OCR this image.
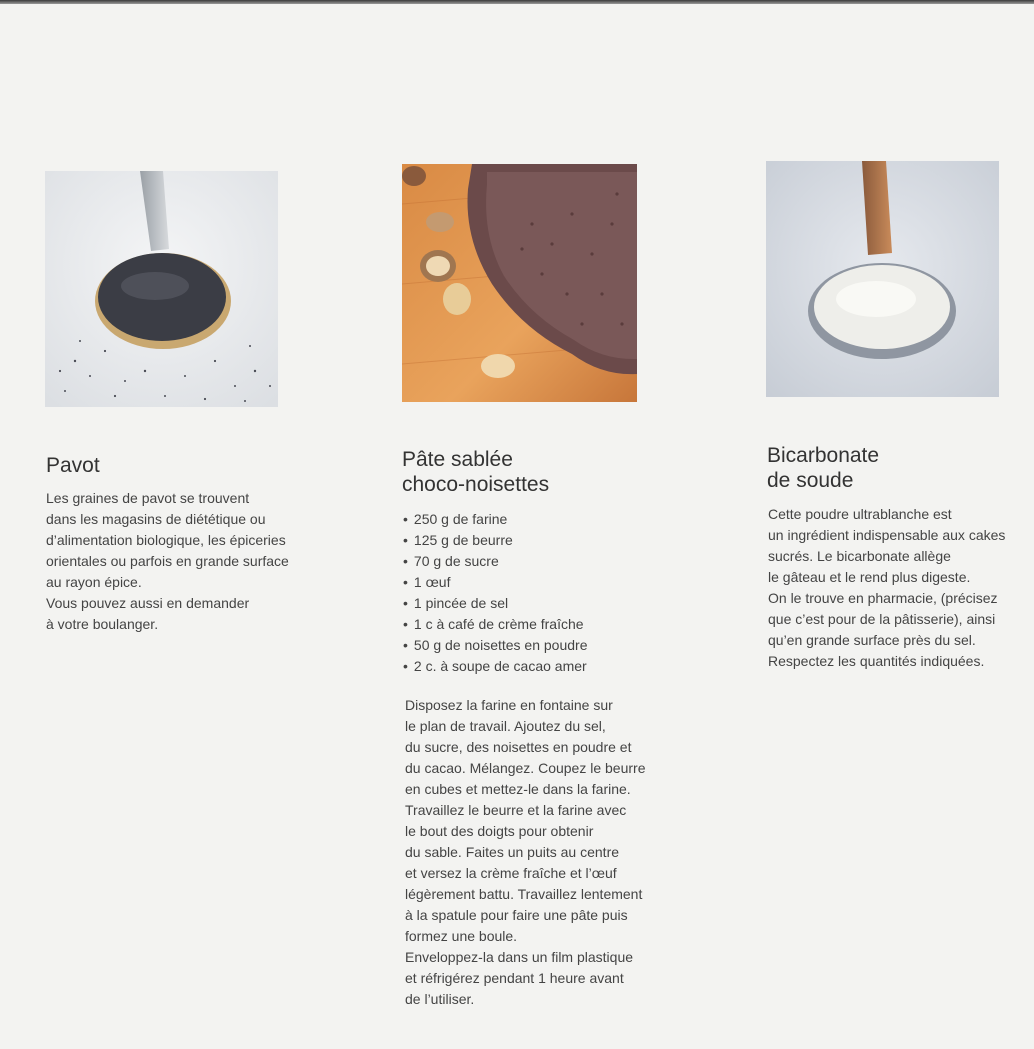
Pavot
Les graines de pavot se trouvent
dans les magasins de diététique ou
d’alimentation biologique, les épiceries
orientales ou parfois en grande surface
au rayon épice.
Vous pouvez aussi en demander
à votre boulanger.
Pâte sablée
choco-noisettes
• 250 g de farine
• 125 g de beurre
• 70 g de sucre
• 1 œuf
• 1 pincée de sel
• 1 c à café de crème fraîche
• 50 g de noisettes en poudre
• 2 c. à soupe de cacao amer
Disposez la farine en fontaine sur
le plan de travail. Ajoutez du sel,
du sucre, des noisettes en poudre et
du cacao. Mélangez. Coupez le beurre
en cubes et mettez-le dans la farine.
Travaillez le beurre et la farine avec
le bout des doigts pour obtenir
du sable. Faites un puits au centre
et versez la crème fraîche et l’œuf
légèrement battu. Travaillez lentement
à la spatule pour faire une pâte puis
formez une boule.
Enveloppez-la dans un film plastique
et réfrigérez pendant 1 heure avant
de l’utiliser.
Bicarbonate
de soude
Cette poudre ultrablanche est
un ingrédient indispensable aux cakes
sucrés. Le bicarbonate allège
le gâteau et le rend plus digeste.
On le trouve en pharmacie, (précisez
que c’est pour de la pâtisserie), ainsi
qu’en grande surface près du sel.
Respectez les quantités indiquées.
